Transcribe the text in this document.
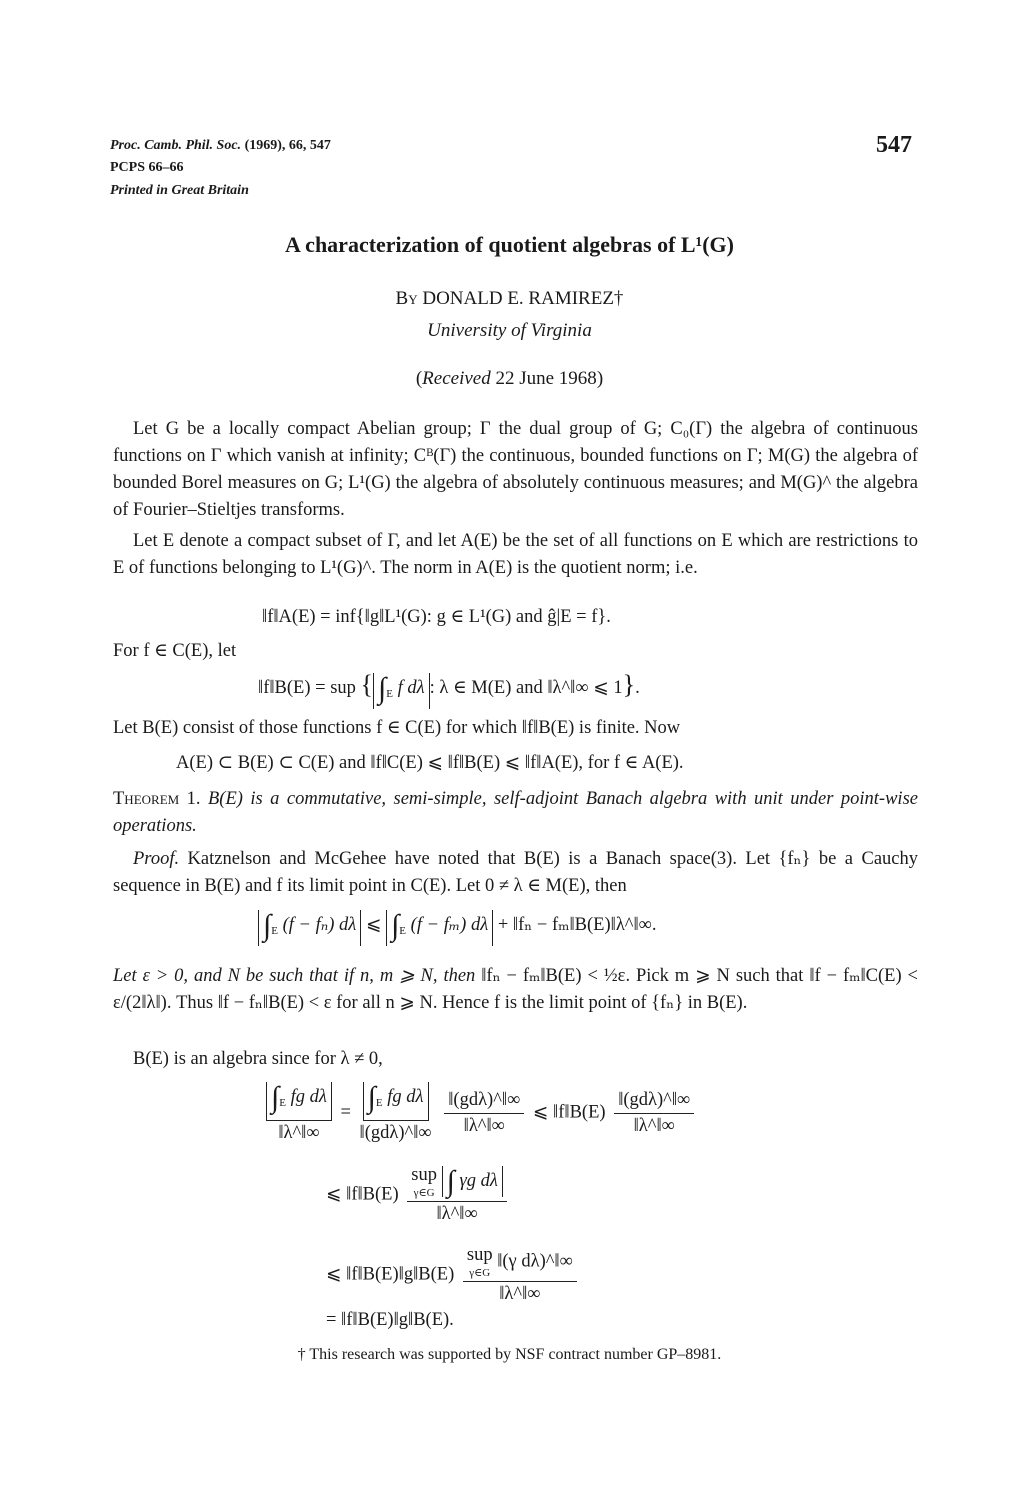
Proc. Camb. Phil. Soc. (1969), 66, 547
PCPS 66–66
Printed in Great Britain
547
A characterization of quotient algebras of L¹(G)
By DONALD E. RAMIREZ†
University of Virginia
(Received 22 June 1968)

Let G be a locally compact Abelian group; Γ the dual group of G; C₀(Γ) the algebra of continuous functions on Γ which vanish at infinity; Cᴮ(Γ) the continuous, bounded functions on Γ; M(G) the algebra of bounded Borel measures on G; L¹(G) the algebra of absolutely continuous measures; and M(G)^ the algebra of Fourier–Stieltjes transforms.

Let E denote a compact subset of Γ, and let A(E) be the set of all functions on E which are restrictions to E of functions belonging to L¹(G)^. The norm in A(E) is the quotient norm; i.e.

‖f‖A(E) = inf{‖g‖L¹(G): g ∈ L¹(G) and ĝ|E = f}.
For f ∈ C(E), let
‖f‖B(E) = sup { $\int_E$ f dλ : λ ∈ M(E) and ‖λ^‖∞ ⩽ 1}.
Let B(E) consist of those functions f ∈ C(E) for which ‖f‖B(E) is finite. Now
A(E) ⊂ B(E) ⊂ C(E) and ‖f‖C(E) ⩽ ‖f‖B(E) ⩽ ‖f‖A(E), for f ∈ A(E).

Theorem 1. B(E) is a commutative, semi-simple, self-adjoint Banach algebra with unit under point-wise operations.

Proof. Katznelson and McGehee have noted that B(E) is a Banach space(3). Let {fₙ} be a Cauchy sequence in B(E) and f its limit point in C(E). Let 0 ≠ λ ∈ M(E), then

$\int_E$ (f − fₙ) dλ ⩽ $\int_E$ (f − fₘ) dλ + ‖fₙ − fₘ‖B(E)‖λ^‖∞.

Let ε > 0, and N be such that if n, m ⩾ N, then ‖fₙ − fₘ‖B(E) < ½ε. Pick m ⩾ N such that ‖f − fₘ‖C(E) < ε/(2‖λ‖). Thus ‖f − fₙ‖B(E) < ε for all n ⩾ N. Hence f is the limit point of {fₙ} in B(E).

B(E) is an algebra since for λ ≠ 0,

$\frac{\int_E fg d\lambda}{‖\lambda\^{}‖\infty} = \frac{\int_E fg d\lambda}{\text{‖(gdλ)\textasciicircum{}‖∞}}$
$\frac{\text{‖(gdλ)\textasciicircum{}‖∞}}{‖\lambda\^{}‖\infty}$ ⩽ ‖f‖B(E) $\frac{\text{‖(gdλ)\textasciicircum{}‖∞}}{‖\lambda\^{}‖\infty}$
⩽ ‖f‖B(E) sup
γ∈G ∫ γg dλ
‖λ^‖∞
⩽ ‖f‖B(E)‖g‖B(E) sup
γ∈G
‖(γ dλ)^‖∞
‖λ^‖∞
= ‖f‖B(E)‖g‖B(E).
† This research was supported by NSF contract number GP–8981.
